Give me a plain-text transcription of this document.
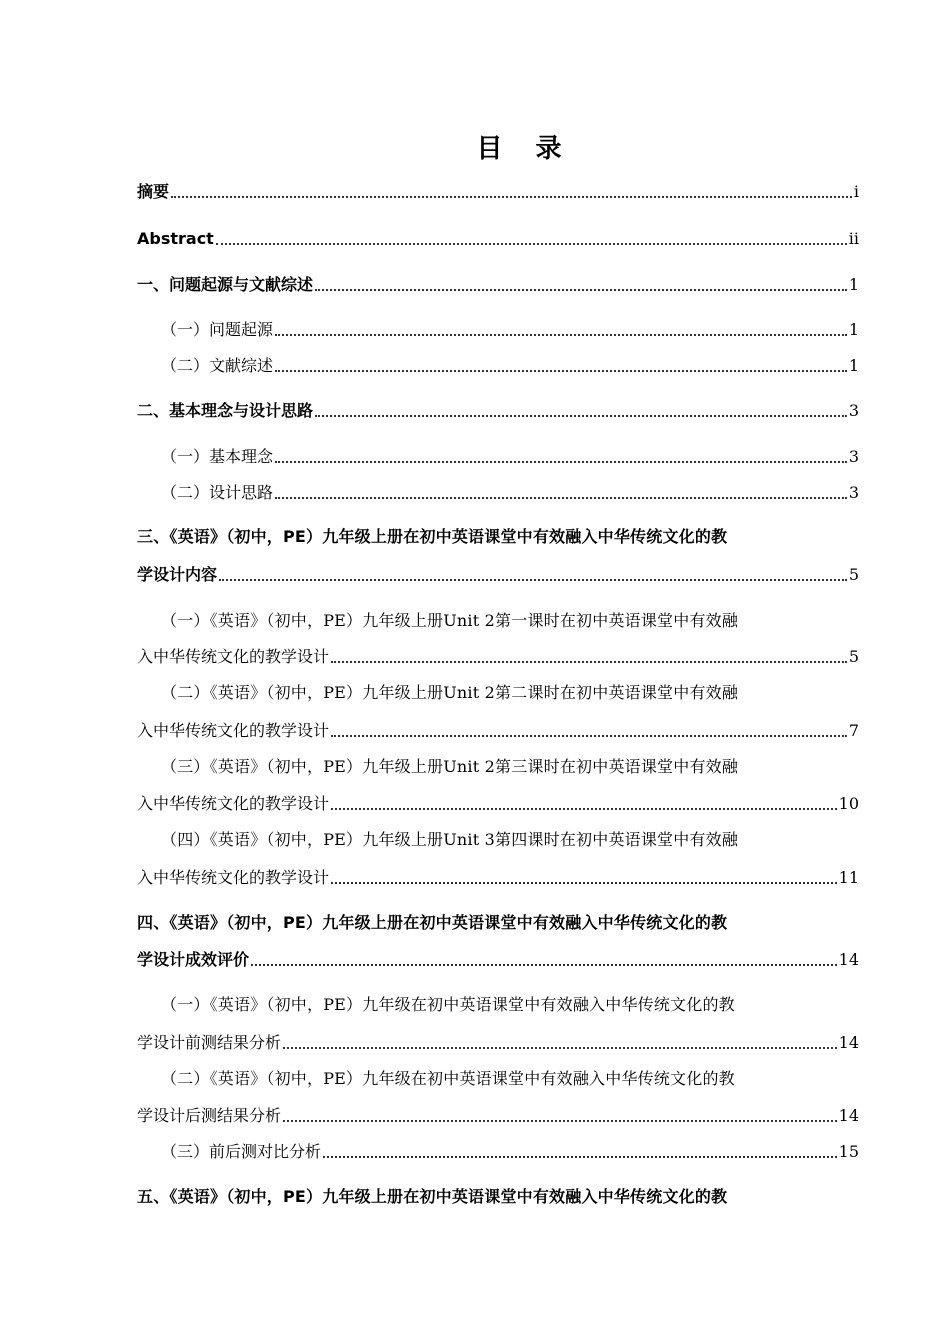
目 录
摘要	i
Abstract	ii
一、问题起源与文献综述	1
（一）问题起源	1
（二）文献综述	1
二、基本理念与设计思路	3
（一）基本理念	3
（二）设计思路	3
三、《英语》（初中，PE）九年级上册在初中英语课堂中有效融入中华传统文化的教
学设计内容	5
（一）《英语》（初中，PE）九年级上册Unit 2第一课时在初中英语课堂中有效融
入中华传统文化的教学设计	5
（二）《英语》（初中，PE）九年级上册Unit 2第二课时在初中英语课堂中有效融
入中华传统文化的教学设计	7
（三）《英语》（初中，PE）九年级上册Unit 2第三课时在初中英语课堂中有效融
入中华传统文化的教学设计	10
（四）《英语》（初中，PE）九年级上册Unit 3第四课时在初中英语课堂中有效融
入中华传统文化的教学设计	11
四、《英语》（初中，PE）九年级上册在初中英语课堂中有效融入中华传统文化的教
学设计成效评价	14
（一）《英语》（初中，PE）九年级在初中英语课堂中有效融入中华传统文化的教
学设计前测结果分析	14
（二）《英语》（初中，PE）九年级在初中英语课堂中有效融入中华传统文化的教
学设计后测结果分析	14
（三）前后测对比分析	15
五、《英语》（初中，PE）九年级上册在初中英语课堂中有效融入中华传统文化的教
